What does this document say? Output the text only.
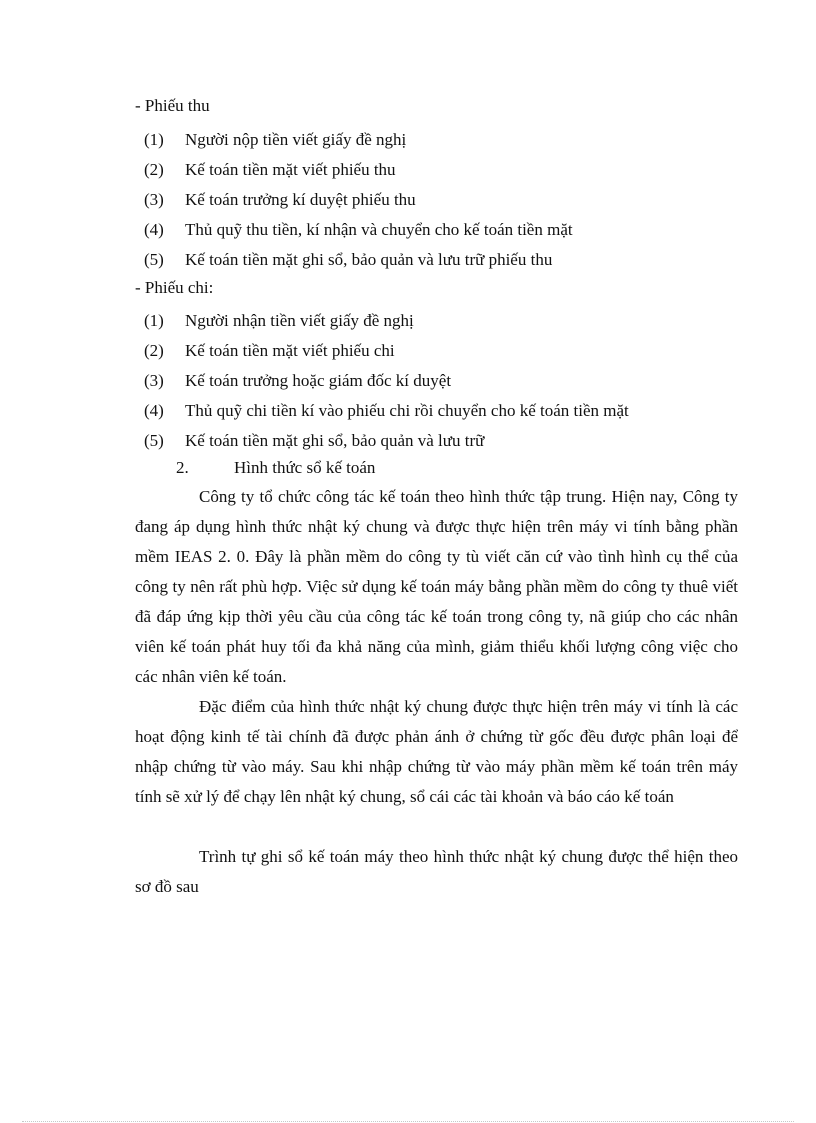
- Phiếu thu
(1) Người nộp tiền viết giấy đề nghị
(2) Kế toán tiền mặt viết phiếu thu
(3) Kế toán trưởng kí duyệt phiếu thu
(4) Thủ quỹ thu tiền, kí nhận và chuyển cho kế toán tiền mặt
(5) Kế toán tiền mặt ghi sổ, bảo quản và lưu trữ phiếu thu
- Phiếu chi:
(1) Người nhận tiền viết giấy đề nghị
(2) Kế toán tiền mặt viết phiếu chi
(3) Kế toán trưởng hoặc giám đốc kí duyệt
(4) Thủ quỹ chi tiền kí vào phiếu chi rồi chuyển cho kế toán tiền mặt
(5) Kế toán tiền mặt ghi sổ, bảo quản và lưu trữ
2.	Hình thức sổ kế toán

Công ty tổ chức công tác kế toán theo hình thức tập trung. Hiện nay, Công ty đang áp dụng hình thức nhật ký chung và được thực hiện trên máy vi tính bằng phần mềm IEAS 2. 0. Đây là phần mềm do công ty tù viết căn cứ vào tình hình cụ thể của công ty nên rất phù hợp. Việc sử dụng kế toán máy bằng phần mềm do công ty thuê viết đã đáp ứng kịp thời yêu cầu của công tác kế toán trong công ty, nã giúp cho các nhân viên kế toán phát huy tối đa khả năng của mình, giảm thiểu khối lượng công việc cho các nhân viên kế toán.

Đặc điểm của hình thức nhật ký chung được thực hiện trên máy vi tính là các hoạt động kinh tế tài chính đã được phản ánh ở chứng từ gốc đều được phân loại để nhập chứng từ vào máy. Sau khi nhập chứng từ vào máy phần mềm kế toán trên máy tính sẽ xử lý để chạy lên nhật ký chung, sổ cái các tài khoản và báo cáo kế toán

Trình tự ghi sổ kế toán máy theo hình thức nhật ký chung được thể hiện theo sơ đồ sau
